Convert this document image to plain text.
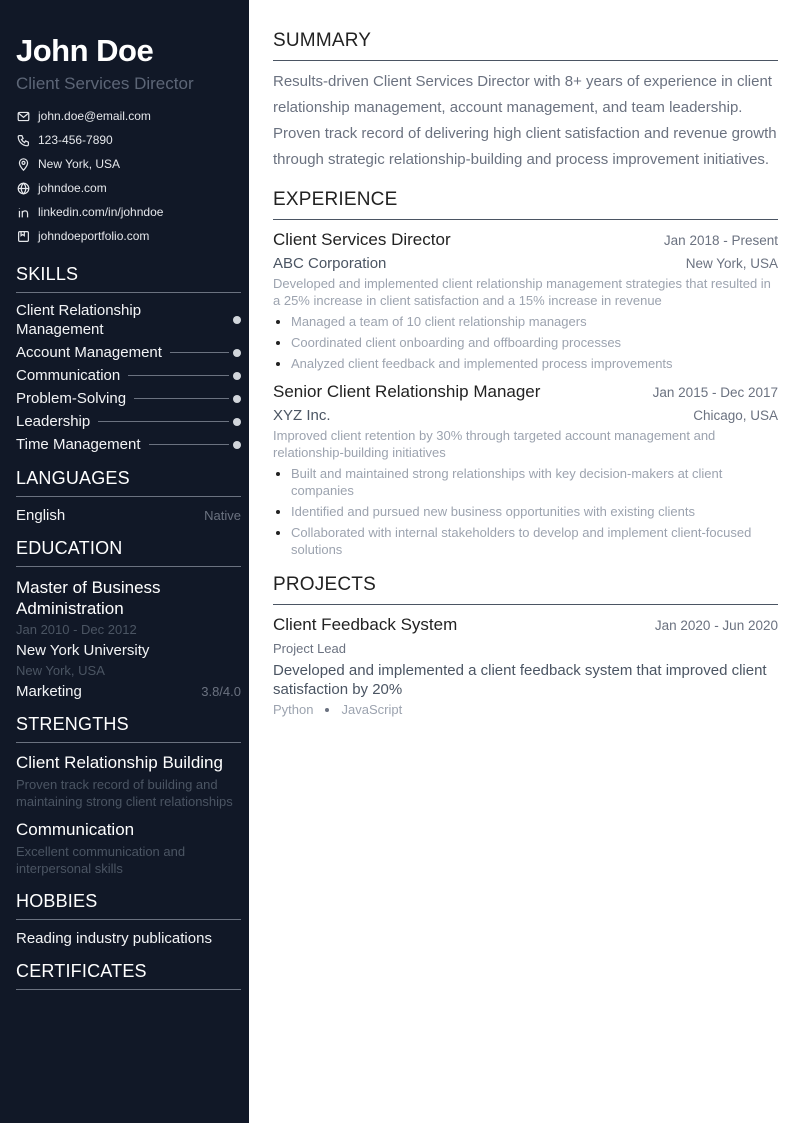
John Doe
Client Services Director
john.doe@email.com
123-456-7890
New York, USA
johndoe.com
linkedin.com/in/johndoe
johndoeportfolio.com
SKILLS
Client Relationship Management
Account Management
Communication
Problem-Solving
Leadership
Time Management
LANGUAGES
English	Native
EDUCATION
Master of Business Administration
Jan 2010 - Dec 2012
New York University
New York, USA
Marketing	3.8/4.0
STRENGTHS
Client Relationship Building
Proven track record of building and maintaining strong client relationships
Communication
Excellent communication and interpersonal skills
HOBBIES
Reading industry publications
CERTIFICATES
SUMMARY

Results-driven Client Services Director with 8+ years of experience in client relationship management, account management, and team leadership. Proven track record of delivering high client satisfaction and revenue growth through strategic relationship-building and process improvement initiatives.

EXPERIENCE
Client Services Director	Jan 2018 - Present
ABC Corporation	New York, USA
Developed and implemented client relationship management strategies that resulted in a 25% increase in client satisfaction and a 15% increase in revenue
Managed a team of 10 client relationship managers
Coordinated client onboarding and offboarding processes
Analyzed client feedback and implemented process improvements
Senior Client Relationship Manager	Jan 2015 - Dec 2017
XYZ Inc.	Chicago, USA
Improved client retention by 30% through targeted account management and relationship-building initiatives
Built and maintained strong relationships with key decision-makers at client companies
Identified and pursued new business opportunities with existing clients
Collaborated with internal stakeholders to develop and implement client-focused solutions
PROJECTS
Client Feedback System	Jan 2020 - Jun 2020
Project Lead
Developed and implemented a client feedback system that improved client satisfaction by 20%
Python JavaScript
